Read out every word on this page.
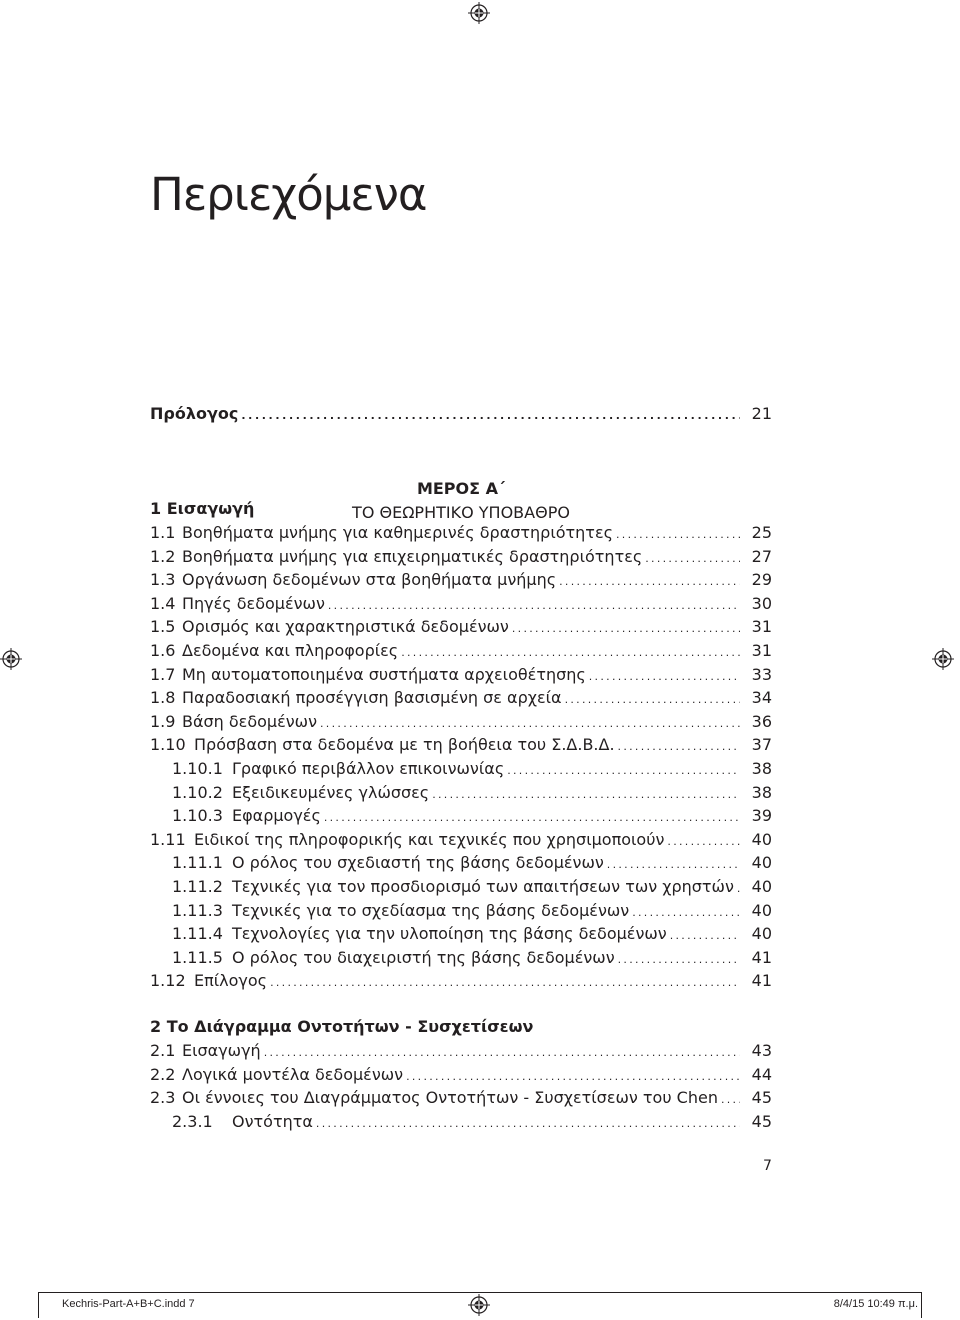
Περιεχόμενα
Πρόλογος . . .	21
ΜΕΡΟΣ Α΄
ΤΟ ΘΕΩΡΗΤΙΚΟ ΥΠΟΒΑΘΡΟ
1 Εισαγωγή
1.1 Βοηθήματα μνήμης για καθημερινές δραστηριότητες . . .	25
1.2 Βοηθήματα μνήμης για επιχειρηματικές δραστηριότητες . . .	27
1.3 Οργάνωση δεδομένων στα βοηθήματα μνήμης . . .	29
1.4 Πηγές δεδομένων . . .	30
1.5 Ορισμός και χαρακτηριστικά δεδομένων . . .	31
1.6 Δεδομένα και πληροφορίες . . .	31
1.7 Μη αυτοματοποιημένα συστήματα αρχειοθέτησης . . .	33
1.8 Παραδοσιακή προσέγγιση βασισμένη σε αρχεία . . .	34
1.9 Βάση δεδομένων . . .	36
1.10 Πρόσβαση στα δεδομένα με τη βοήθεια του Σ.Δ.Β.Δ. . . .	37
1.10.1 Γραφικό περιβάλλον επικοινωνίας . . .	38
1.10.2 Εξειδικευμένες γλώσσες . . .	38
1.10.3 Εφαρμογές . . .	39
1.11 Ειδικοί της πληροφορικής και τεχνικές που χρησιμοποιούν . . .	40
1.11.1 Ο ρόλος του σχεδιαστή της βάσης δεδομένων . . .	40
1.11.2 Τεχνικές για τον προσδιορισμό των απαιτήσεων των χρηστών . . .	40
1.11.3 Τεχνικές για το σχεδίασμα της βάσης δεδομένων . . .	40
1.11.4 Τεχνολογίες για την υλοποίηση της βάσης δεδομένων . . .	40
1.11.5 Ο ρόλος του διαχειριστή της βάσης δεδομένων . . .	41
1.12 Επίλογος . . .	41
2 Το Διάγραμμα Οντοτήτων - Συσχετίσεων
2.1 Εισαγωγή . . .	43
2.2 Λογικά μοντέλα δεδομένων . . .	44
2.3 Οι έννοιες του Διαγράμματος Οντοτήτων - Συσχετίσεων του Chen . . .	45
2.3.1	Οντότητα . . .	45
7
Kechris-Part-A+B+C.indd 7	8/4/15 10:49 π.μ.
